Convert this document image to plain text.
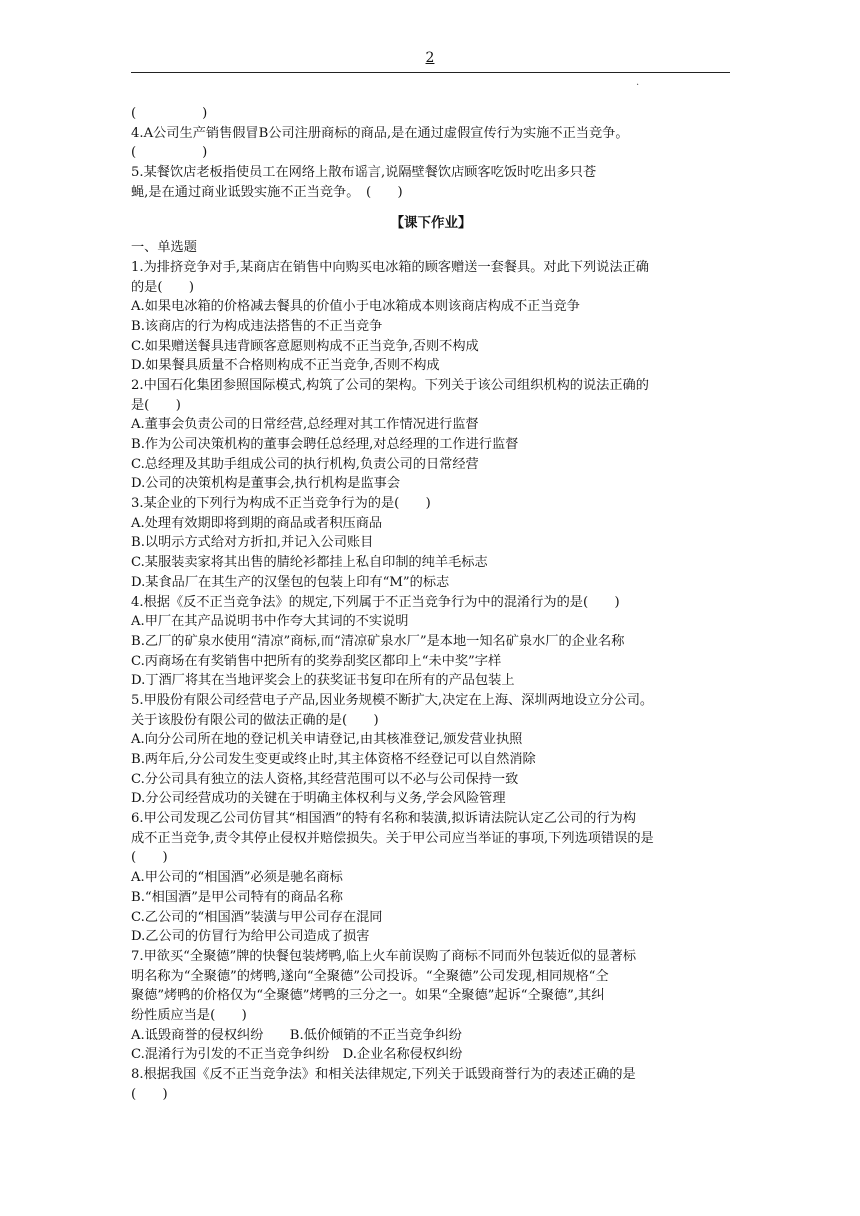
2
.
(　　　　　)
4.A公司生产销售假冒B公司注册商标的商品,是在通过虚假宣传行为实施不正当竞争。
(　　　　　)
5.某餐饮店老板指使员工在网络上散布谣言,说隔壁餐饮店顾客吃饭时吃出多只苍
蝇,是在通过商业诋毁实施不正当竞争。　(　　)
【课下作业】
一、单选题
1.为排挤竞争对手,某商店在销售中向购买电冰箱的顾客赠送一套餐具。对此下列说法正确
的是(　　)
A.如果电冰箱的价格减去餐具的价值小于电冰箱成本则该商店构成不正当竞争
B.该商店的行为构成违法搭售的不正当竞争
C.如果赠送餐具违背顾客意愿则构成不正当竞争,否则不构成
D.如果餐具质量不合格则构成不正当竞争,否则不构成
2.中国石化集团参照国际模式,构筑了公司的架构。下列关于该公司组织机构的说法正确的
是(　　)
A.董事会负责公司的日常经营,总经理对其工作情况进行监督
B.作为公司决策机构的董事会聘任总经理,对总经理的工作进行监督
C.总经理及其助手组成公司的执行机构,负责公司的日常经营
D.公司的决策机构是董事会,执行机构是监事会
3.某企业的下列行为构成不正当竞争行为的是(　　)
A.处理有效期即将到期的商品或者积压商品
B.以明示方式给对方折扣,并记入公司账目
C.某服装卖家将其出售的腈纶衫都挂上私自印制的纯羊毛标志
D.某食品厂在其生产的汉堡包的包装上印有“M”的标志
4.根据《反不正当竞争法》的规定,下列属于不正当竞争行为中的混淆行为的是(　　)
A.甲厂在其产品说明书中作夸大其词的不实说明
B.乙厂的矿泉水使用“清凉”商标,而“清凉矿泉水厂”是本地一知名矿泉水厂的企业名称
C.丙商场在有奖销售中把所有的奖券刮奖区都印上“未中奖”字样
D.丁酒厂将其在当地评奖会上的获奖证书复印在所有的产品包装上
5.甲股份有限公司经营电子产品,因业务规模不断扩大,决定在上海、深圳两地设立分公司。
关于该股份有限公司的做法正确的是(　　)
A.向分公司所在地的登记机关申请登记,由其核准登记,颁发营业执照
B.两年后,分公司发生变更或终止时,其主体资格不经登记可以自然消除
C.分公司具有独立的法人资格,其经营范围可以不必与公司保持一致
D.分公司经营成功的关键在于明确主体权利与义务,学会风险管理
6.甲公司发现乙公司仿冒其“相国酒”的特有名称和装潢,拟诉请法院认定乙公司的行为构
成不正当竞争,责令其停止侵权并赔偿损失。关于甲公司应当举证的事项,下列选项错误的是
(　　)
A.甲公司的“相国酒”必须是驰名商标
B.“相国酒”是甲公司特有的商品名称
C.乙公司的“相国酒”装潢与甲公司存在混同
D.乙公司的仿冒行为给甲公司造成了损害
7.甲欲买“全聚德”牌的快餐包装烤鸭,临上火车前误购了商标不同而外包装近似的显著标
明名称为“全聚德”的烤鸭,遂向“全聚德”公司投诉。“全聚德”公司发现,相同规格“仝
聚德”烤鸭的价格仅为“全聚德”烤鸭的三分之一。如果“全聚德”起诉“仝聚德”,其纠
纷性质应当是(　　)
A.诋毁商誉的侵权纠纷　　B.低价倾销的不正当竞争纠纷
C.混淆行为引发的不正当竞争纠纷　D.企业名称侵权纠纷
8.根据我国《反不正当竞争法》和相关法律规定,下列关于诋毁商誉行为的表述正确的是
(　　)
